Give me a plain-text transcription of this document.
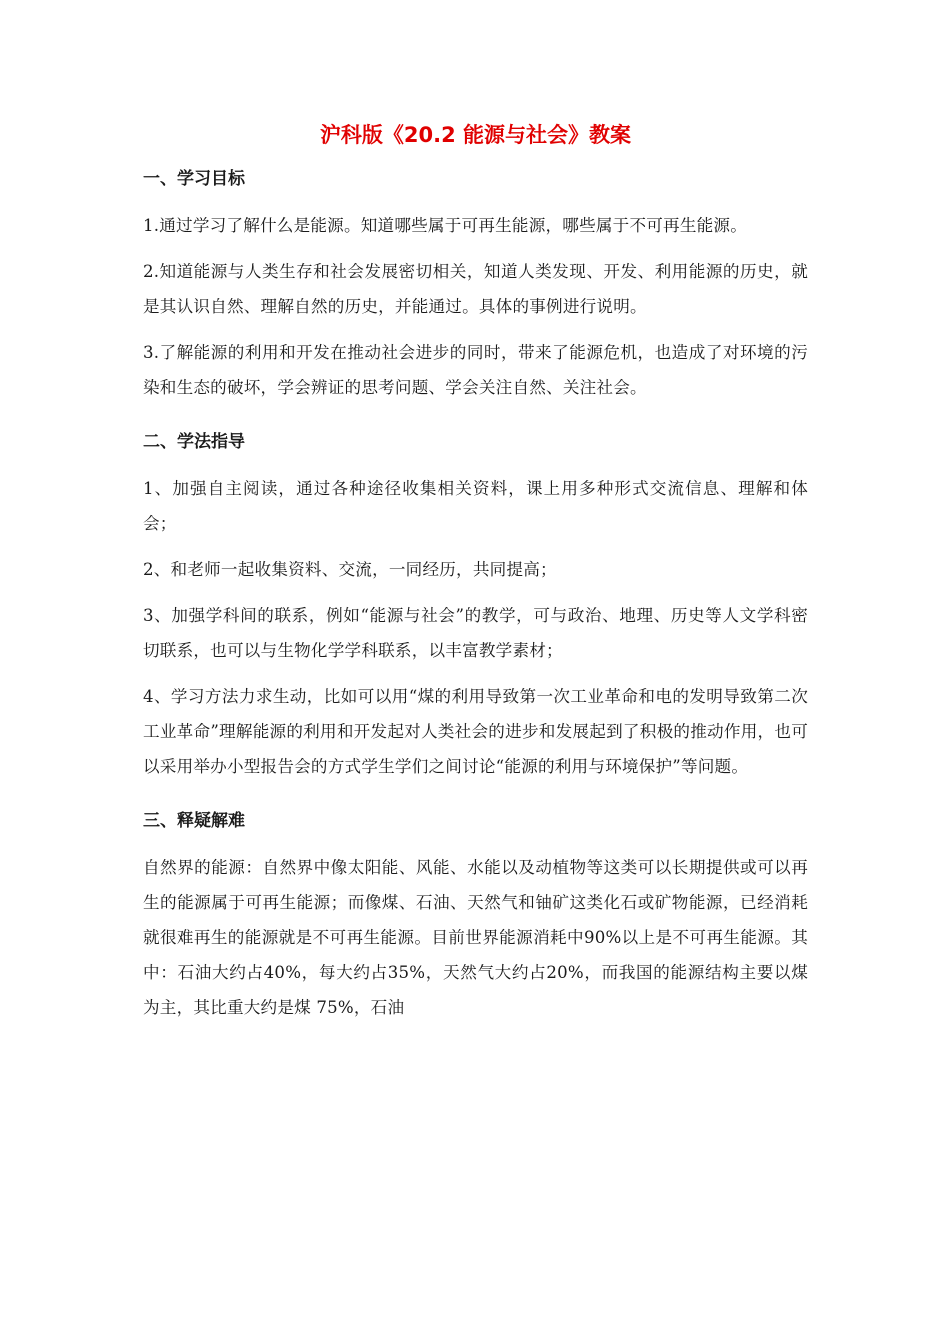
沪科版《20.2 能源与社会》教案
一、学习目标

1.通过学习了解什么是能源。知道哪些属于可再生能源，哪些属于不可再生能源。

2.知道能源与人类生存和社会发展密切相关，知道人类发现、开发、利用能源的历史，就是其认识自然、理解自然的历史，并能通过。具体的事例进行说明。

3.了解能源的利用和开发在推动社会进步的同时，带来了能源危机，也造成了对环境的污染和生态的破坏，学会辨证的思考问题、学会关注自然、关注社会。

二、学法指导

1、加强自主阅读，通过各种途径收集相关资料，课上用多种形式交流信息、理解和体会；

2、和老师一起收集资料、交流，一同经历，共同提高；

3、加强学科间的联系，例如“能源与社会”的教学，可与政治、地理、历史等人文学科密切联系，也可以与生物化学学科联系，以丰富教学素材；

4、学习方法力求生动，比如可以用“煤的利用导致第一次工业革命和电的发明导致第二次工业革命”理解能源的利用和开发起对人类社会的进步和发展起到了积极的推动作用，也可以采用举办小型报告会的方式学生学们之间讨论“能源的利用与环境保护”等问题。

三、释疑解难

自然界的能源：自然界中像太阳能、风能、水能以及动植物等这类可以长期提供或可以再生的能源属于可再生能源；而像煤、石油、天然气和铀矿这类化石或矿物能源，已经消耗就很难再生的能源就是不可再生能源。目前世界能源消耗中90%以上是不可再生能源。其中：石油大约占40%，每大约占35%，天然气大约占20%，而我国的能源结构主要以煤为主，其比重大约是煤 75%，石油
